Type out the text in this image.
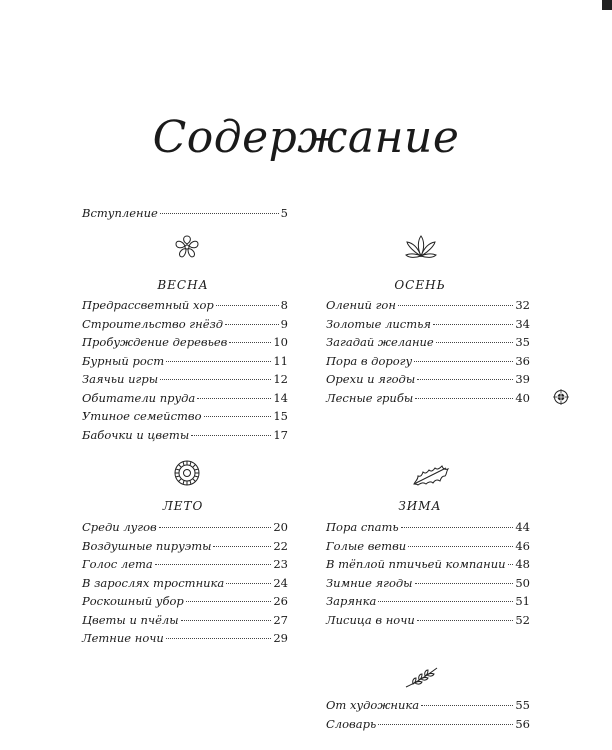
Содержание
Вступление	5
ВЕСНА
Предрассветный хор	8
Строительство гнёзд	9
Пробуждение деревьев	10
Бурный рост	11
Заячьи игры	12
Обитатели пруда	14
Утиное семейство	15
Бабочки и цветы	17
ОСЕНЬ
Олений гон	32
Золотые листья	34
Загадай желание	35
Пора в дорогу	36
Орехи и ягоды	39
Лесные грибы	40
ЛЕТО
Среди лугов	20
Воздушные пируэты	22
Голос лета	23
В зарослях тростника	24
Роскошный убор	26
Цветы и пчёлы	27
Летние ночи	29
ЗИМА
Пора спать	44
Голые ветви	46
В тёплой птичьей компании 48
Зимние ягоды	50
Зарянка	51
Лисица в ночи	52
От художника	55
Словарь	56
